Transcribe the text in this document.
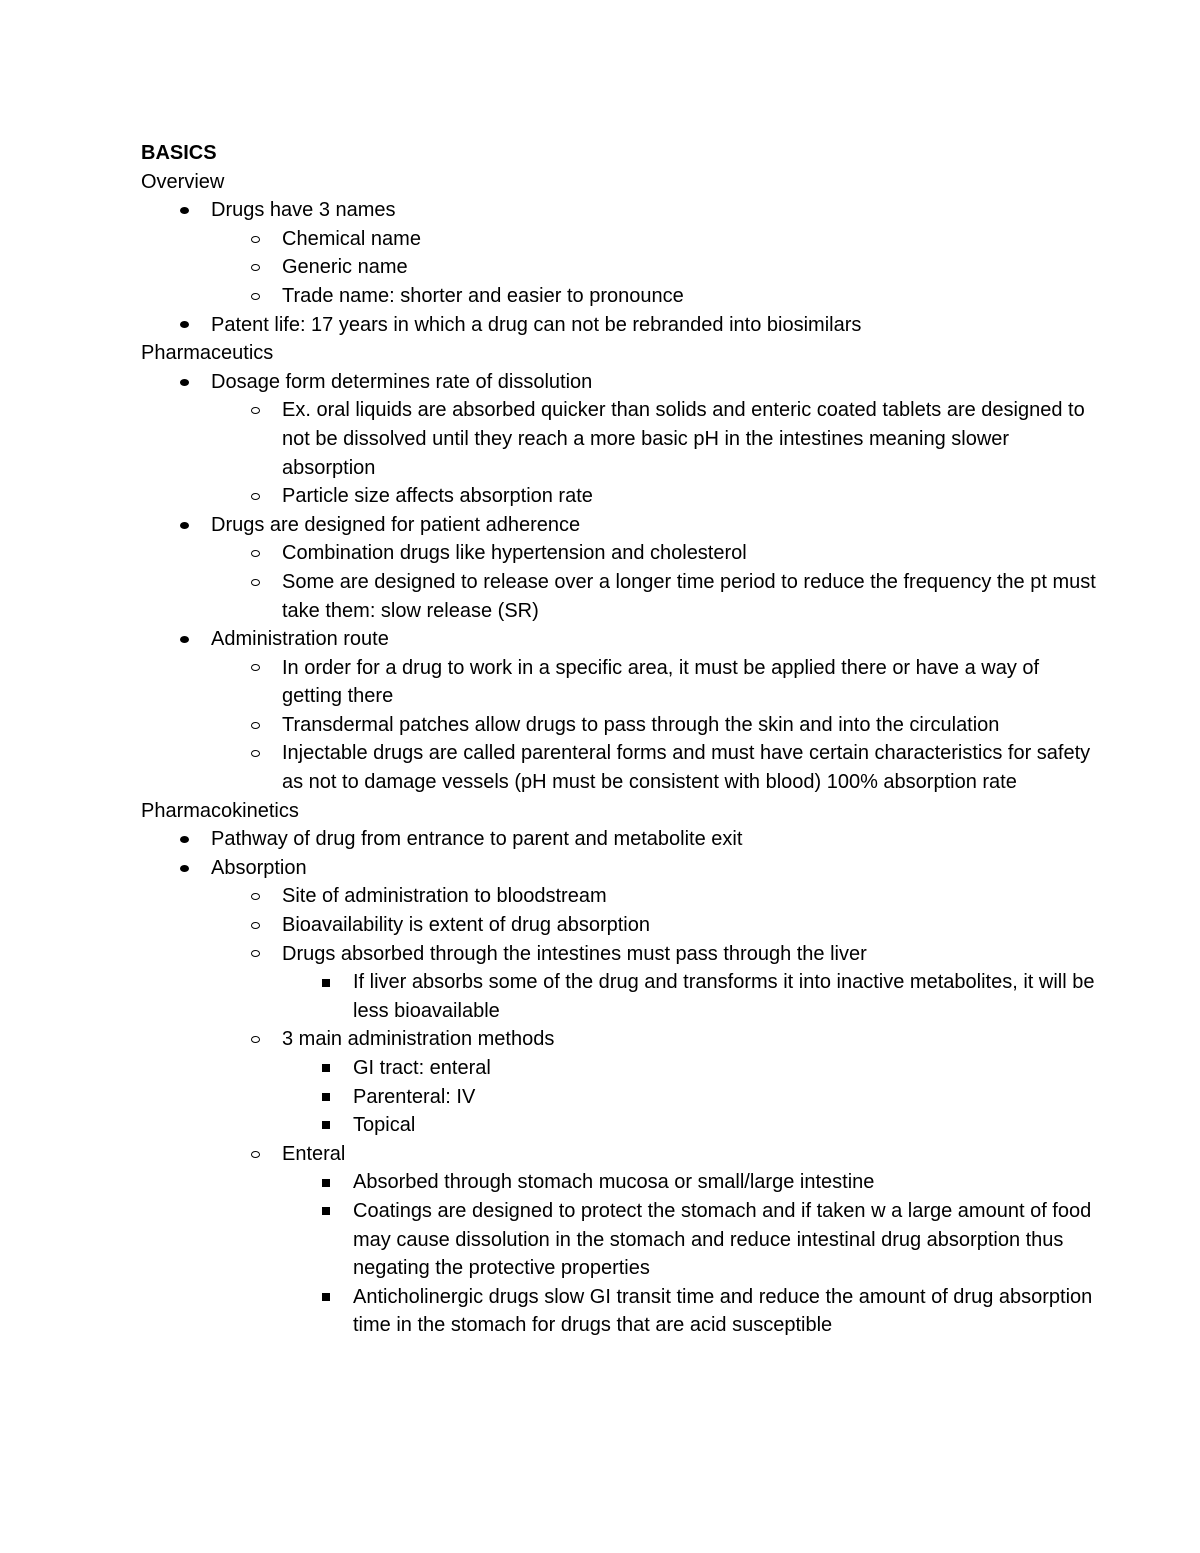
BASICS
Overview
Drugs have 3 names
Chemical name
Generic name
Trade name: shorter and easier to pronounce
Patent life: 17 years in which a drug can not be rebranded into biosimilars
Pharmaceutics
Dosage form determines rate of dissolution
Ex. oral liquids are absorbed quicker than solids and enteric coated tablets are designed to not be dissolved until they reach a more basic pH in the intestines meaning slower absorption
Particle size affects absorption rate
Drugs are designed for patient adherence
Combination drugs like hypertension and cholesterol
Some are designed to release over a longer time period to reduce the frequency the pt must take them: slow release (SR)
Administration route
In order for a drug to work in a specific area, it must be applied there or have a way of getting there
Transdermal patches allow drugs to pass through the skin and into the circulation
Injectable drugs are called parenteral forms and must have certain characteristics for safety as not to damage vessels (pH must be consistent with blood) 100% absorption rate
Pharmacokinetics
Pathway of drug from entrance to parent and metabolite exit
Absorption
Site of administration to bloodstream
Bioavailability is extent of drug absorption
Drugs absorbed through the intestines must pass through the liver
If liver absorbs some of the drug and transforms it into inactive metabolites, it will be less bioavailable
3 main administration methods
GI tract: enteral
Parenteral: IV
Topical
Enteral
Absorbed through stomach mucosa or small/large intestine
Coatings are designed to protect the stomach and if taken w a large amount of food may cause dissolution in the stomach and reduce intestinal drug absorption thus negating the protective properties
Anticholinergic drugs slow GI transit time and reduce the amount of drug absorption time in the stomach for drugs that are acid susceptible
